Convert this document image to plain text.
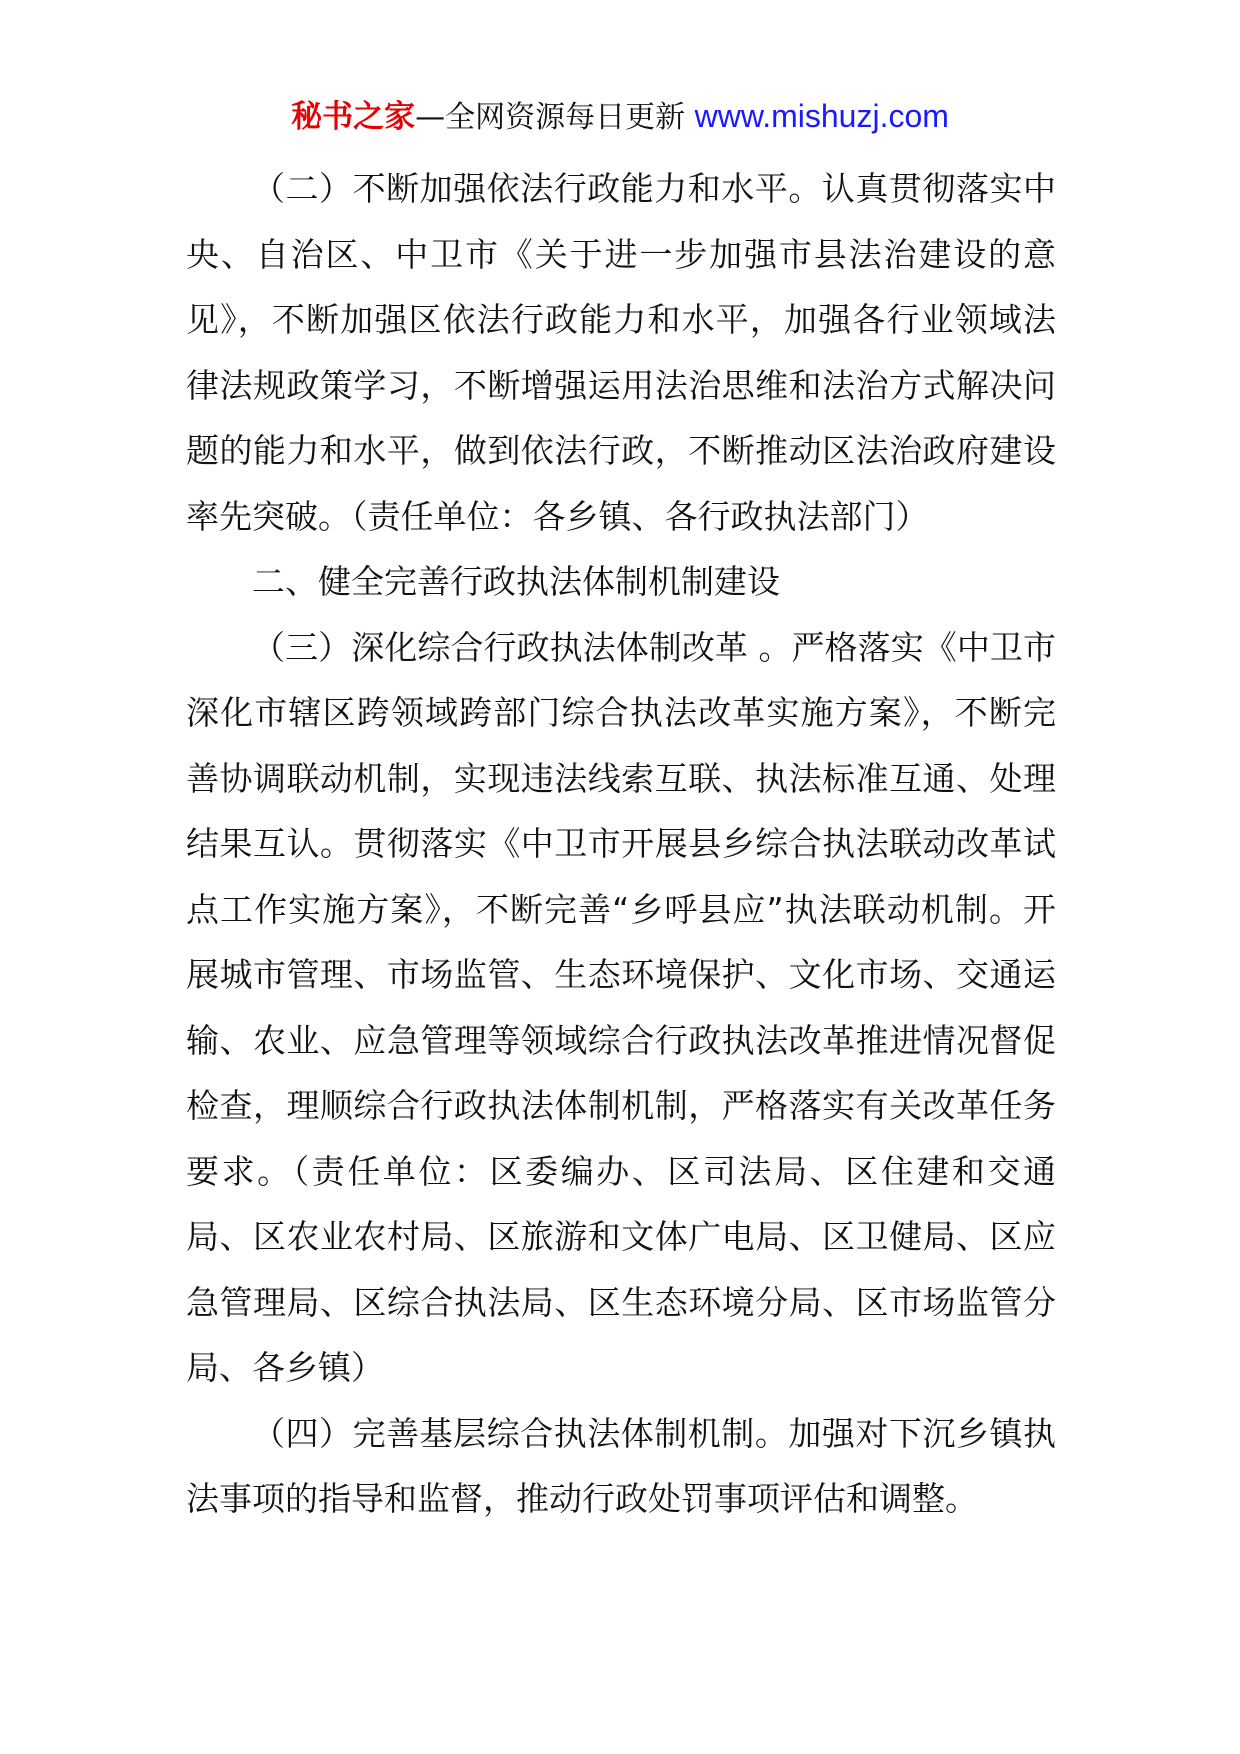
秘书之家—全网资源每日更新 www.mishuzj.com

（二）不断加强依法行政能力和水平。认真贯彻落实中央、自治区、中卫市《关于进一步加强市县法治建设的意见》，不断加强区依法行政能力和水平，加强各行业领域法律法规政策学习，不断增强运用法治思维和法治方式解决问题的能力和水平，做到依法行政，不断推动区法治政府建设率先突破。（责任单位：各乡镇、各行政执法部门）

二、健全完善行政执法体制机制建设

（三）深化综合行政执法体制改革 。严格落实《中卫市深化市辖区跨领域跨部门综合执法改革实施方案》，不断完善协调联动机制，实现违法线索互联、执法标准互通、处理结果互认。贯彻落实《中卫市开展县乡综合执法联动改革试点工作实施方案》，不断完善“乡呼县应”执法联动机制。开展城市管理、市场监管、生态环境保护、文化市场、交通运输、农业、应急管理等领域综合行政执法改革推进情况督促检查，理顺综合行政执法体制机制，严格落实有关改革任务要求。（责任单位：区委编办、区司法局、区住建和交通局、区农业农村局、区旅游和文体广电局、区卫健局、区应急管理局、区综合执法局、区生态环境分局、区市场监管分局、各乡镇）

（四）完善基层综合执法体制机制。加强对下沉乡镇执法事项的指导和监督，推动行政处罚事项评估和调整。
